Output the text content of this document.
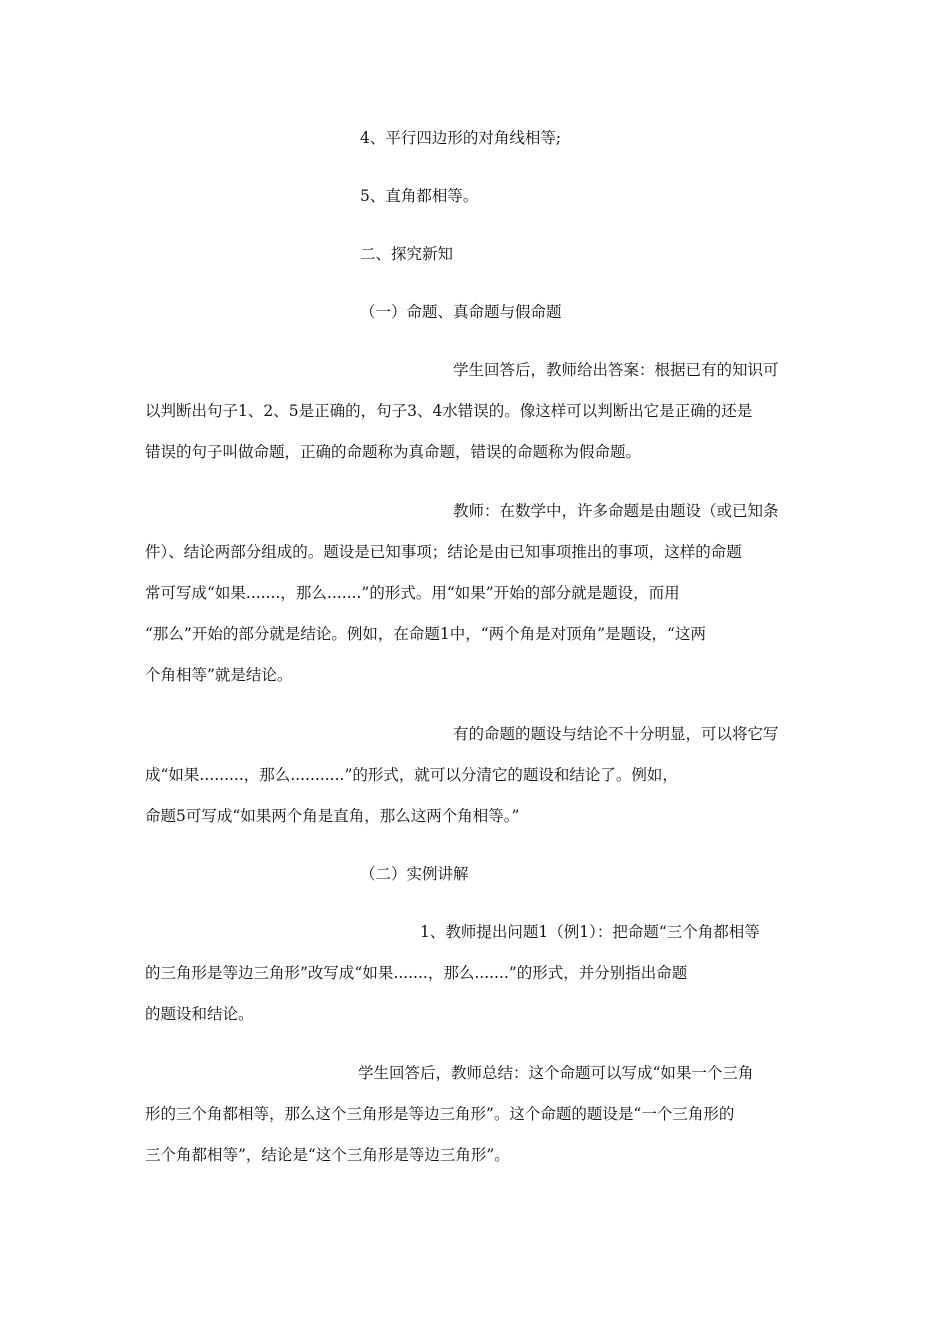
4、平行四边形的对角线相等;
5、直角都相等。
二、探究新知
（一）命题、真命题与假命题
学生回答后，教师给出答案：根据已有的知识可
以判断出句子1、2、5是正确的，句子3、4水错误的。像这样可以判断出它是正确的还是
错误的句子叫做命题，正确的命题称为真命题，错误的命题称为假命题。
教师：在数学中，许多命题是由题设（或已知条
件）、结论两部分组成的。题设是已知事项；结论是由已知事项推出的事项，这样的命题
常可写成“如果.......，那么.......”的形式。用“如果”开始的部分就是题设，而用
“那么”开始的部分就是结论。例如，在命题1中，“两个角是对顶角”是题设，“这两
个角相等”就是结论。
有的命题的题设与结论不十分明显，可以将它写
成“如果.........，那么...........”的形式，就可以分清它的题设和结论了。例如，
命题5可写成“如果两个角是直角，那么这两个角相等。”
（二）实例讲解
1、教师提出问题1（例1）：把命题“三个角都相等
的三角形是等边三角形”改写成“如果.......，那么.......”的形式，并分别指出命题
的题设和结论。
学生回答后，教师总结：这个命题可以写成“如果一个三角
形的三个角都相等，那么这个三角形是等边三角形”。这个命题的题设是“一个三角形的
三个角都相等”，结论是“这个三角形是等边三角形”。
